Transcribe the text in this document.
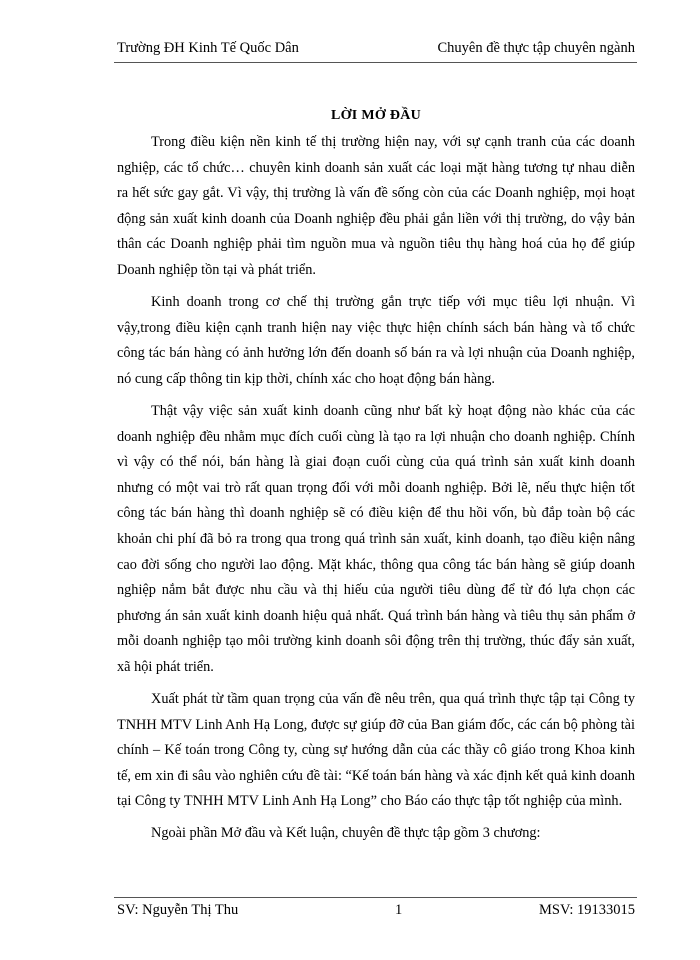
Trường ĐH Kinh Tế Quốc Dân	Chuyên đề thực tập chuyên ngành
LỜI MỞ ĐẦU

Trong điều kiện nền kinh tế thị trường hiện nay, với sự cạnh tranh của các doanh nghiệp, các tổ chức… chuyên kinh doanh sản xuất các loại mặt hàng tương tự nhau diễn ra hết sức gay gắt. Vì vậy, thị trường là vấn đề sống còn của các Doanh nghiệp, mọi hoạt động sản xuất kinh doanh của Doanh nghiệp đều phải gắn liền với thị trường, do vậy bản thân các Doanh nghiệp phải tìm nguồn mua và nguồn tiêu thụ hàng hoá của họ để giúp Doanh nghiệp tồn tại và phát triển.

Kinh doanh trong cơ chế thị trường gắn trực tiếp với mục tiêu lợi nhuận. Vì vậy,trong điều kiện cạnh tranh hiện nay việc thực hiện chính sách bán hàng và tổ chức công tác bán hàng có ảnh hưởng lớn đến doanh số bán ra và lợi nhuận của Doanh nghiệp, nó cung cấp thông tin kịp thời, chính xác cho hoạt động bán hàng.

Thật vậy việc sản xuất kinh doanh cũng như bất kỳ hoạt động nào khác của các doanh nghiệp đều nhằm mục đích cuối cùng là tạo ra lợi nhuận cho doanh nghiệp. Chính vì vậy có thể nói, bán hàng là giai đoạn cuối cùng của quá trình sản xuất kinh doanh nhưng có một vai trò rất quan trọng đối với mỗi doanh nghiệp. Bởi lẽ, nếu thực hiện tốt công tác bán hàng thì doanh nghiệp sẽ có điều kiện để thu hồi vốn, bù đắp toàn bộ các khoản chi phí đã bỏ ra trong qua trong quá trình sản xuất, kinh doanh, tạo điều kiện nâng cao đời sống cho người lao động. Mặt khác, thông qua công tác bán hàng sẽ giúp doanh nghiệp nắm bắt được nhu cầu và thị hiếu của người tiêu dùng để từ đó lựa chọn các phương án sản xuất kinh doanh hiệu quả nhất. Quá trình bán hàng và tiêu thụ sản phẩm ở mỗi doanh nghiệp tạo môi trường kinh doanh sôi động trên thị trường, thúc đẩy sản xuất, xã hội phát triển.

Xuất phát từ tầm quan trọng của vấn đề nêu trên, qua quá trình thực tập tại Công ty TNHH MTV Linh Anh Hạ Long, được sự giúp đỡ của Ban giám đốc, các cán bộ phòng tài chính – Kế toán trong Công ty, cùng sự hướng dẫn của các thầy cô giáo trong Khoa kinh tế, em xin đi sâu vào nghiên cứu đề tài: “Kế toán bán hàng và xác định kết quả kinh doanh tại Công ty TNHH MTV Linh Anh Hạ Long” cho Báo cáo thực tập tốt nghiệp của mình.

Ngoài phần Mở đầu và Kết luận, chuyên đề thực tập gồm 3 chương:

SV: Nguyễn Thị Thu	1	MSV: 19133015
